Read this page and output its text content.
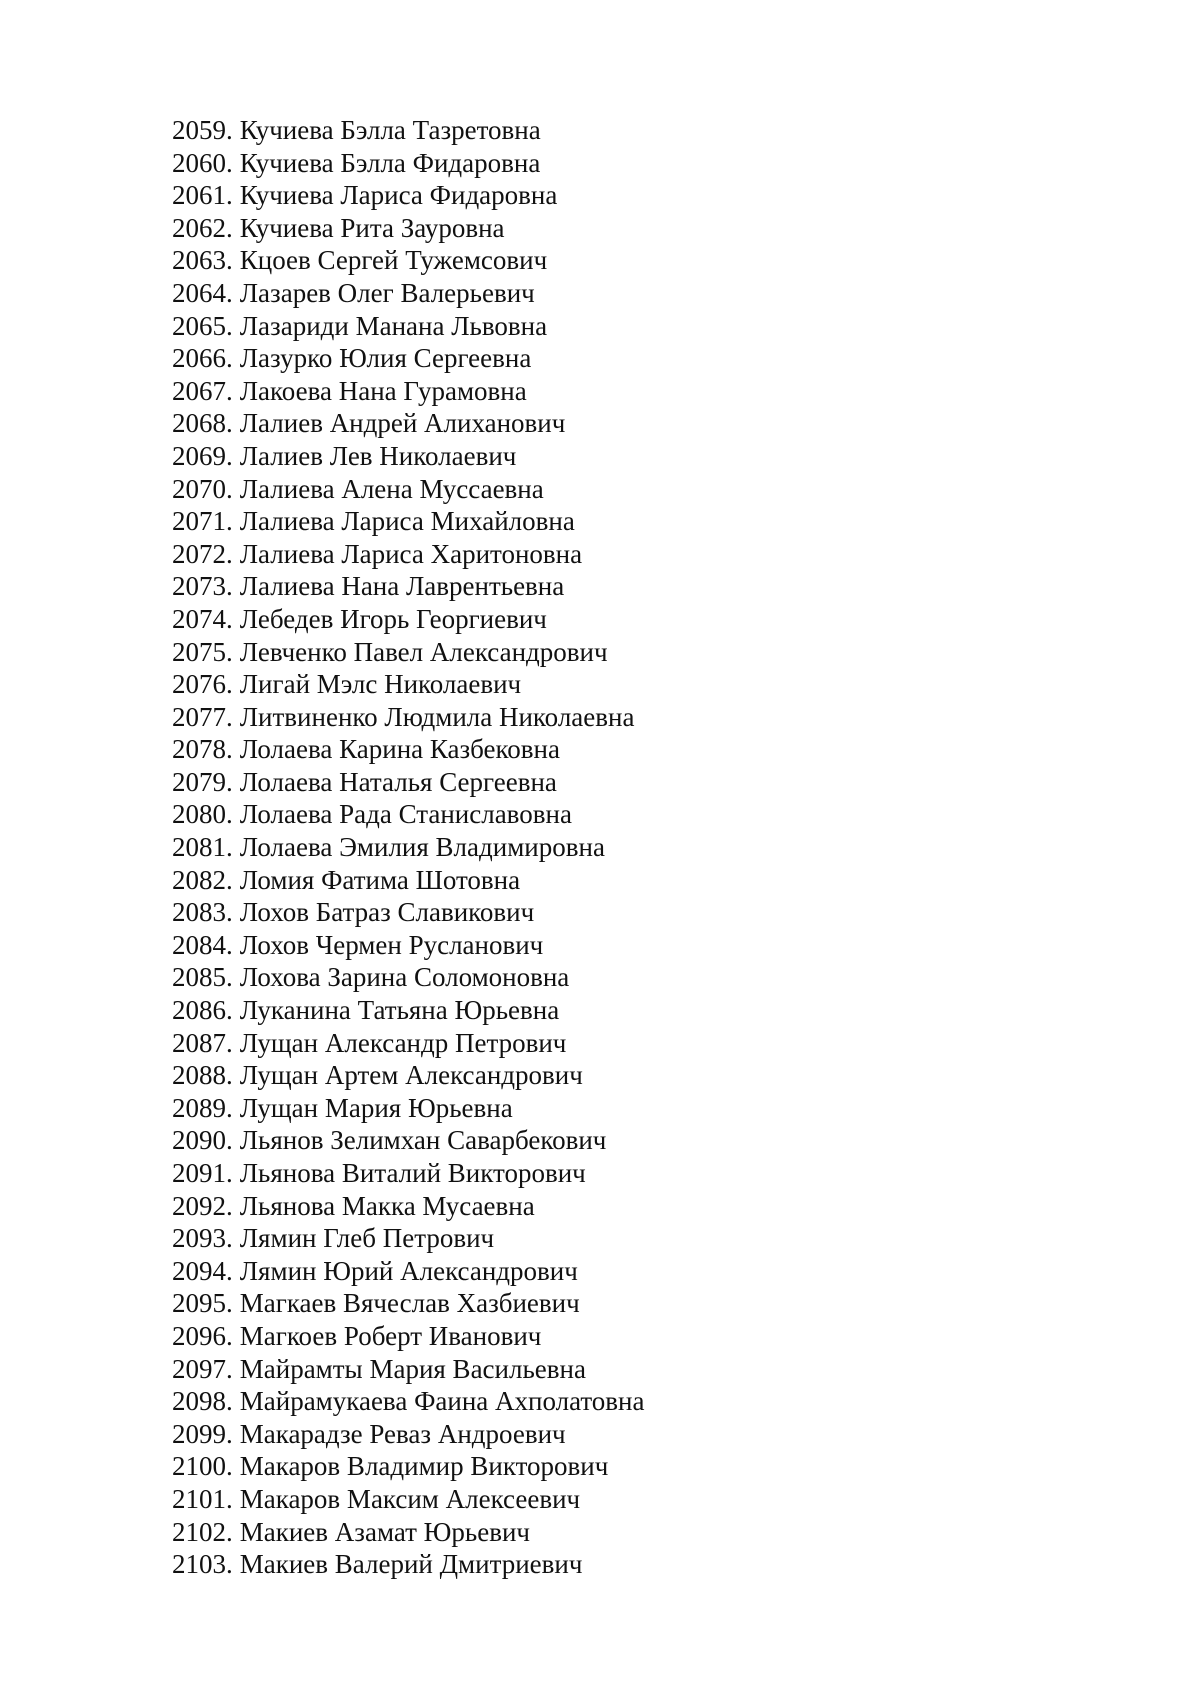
2059. Кучиева Бэлла Тазретовна
2060. Кучиева Бэлла Фидаровна
2061. Кучиева Лариса Фидаровна
2062. Кучиева Рита Зауровна
2063. Кцоев Сергей Тужемсович
2064. Лазарев Олег Валерьевич
2065. Лазариди Манана Львовна
2066. Лазурко Юлия Сергеевна
2067. Лакоева Нана Гурамовна
2068. Лалиев Андрей Алиханович
2069. Лалиев Лев Николаевич
2070. Лалиева Алена Муссаевна
2071. Лалиева Лариса Михайловна
2072. Лалиева Лариса Харитоновна
2073. Лалиева Нана Лаврентьевна
2074. Лебедев Игорь Георгиевич
2075. Левченко Павел Александрович
2076. Лигай Мэлс Николаевич
2077. Литвиненко Людмила Николаевна
2078. Лолаева Карина Казбековна
2079. Лолаева Наталья Сергеевна
2080. Лолаева Рада Станиславовна
2081. Лолаева Эмилия Владимировна
2082. Ломия Фатима Шотовна
2083. Лохов Батраз Славикович
2084. Лохов Чермен Русланович
2085. Лохова Зарина Соломоновна
2086. Луканина Татьяна Юрьевна
2087. Лущан Александр Петрович
2088. Лущан Артем Александрович
2089. Лущан Мария Юрьевна
2090. Льянов Зелимхан Саварбекович
2091. Льянова Виталий Викторович
2092. Льянова Макка Мусаевна
2093. Лямин Глеб Петрович
2094. Лямин Юрий Александрович
2095. Магкаев Вячеслав Хазбиевич
2096. Магкоев Роберт Иванович
2097. Майрамты Мария Васильевна
2098. Майрамукаева Фаина Ахполатовна
2099. Макарадзе Реваз Андроевич
2100. Макаров Владимир Викторович
2101. Макаров Максим Алексеевич
2102. Макиев Азамат Юрьевич
2103. Макиев Валерий Дмитриевич
